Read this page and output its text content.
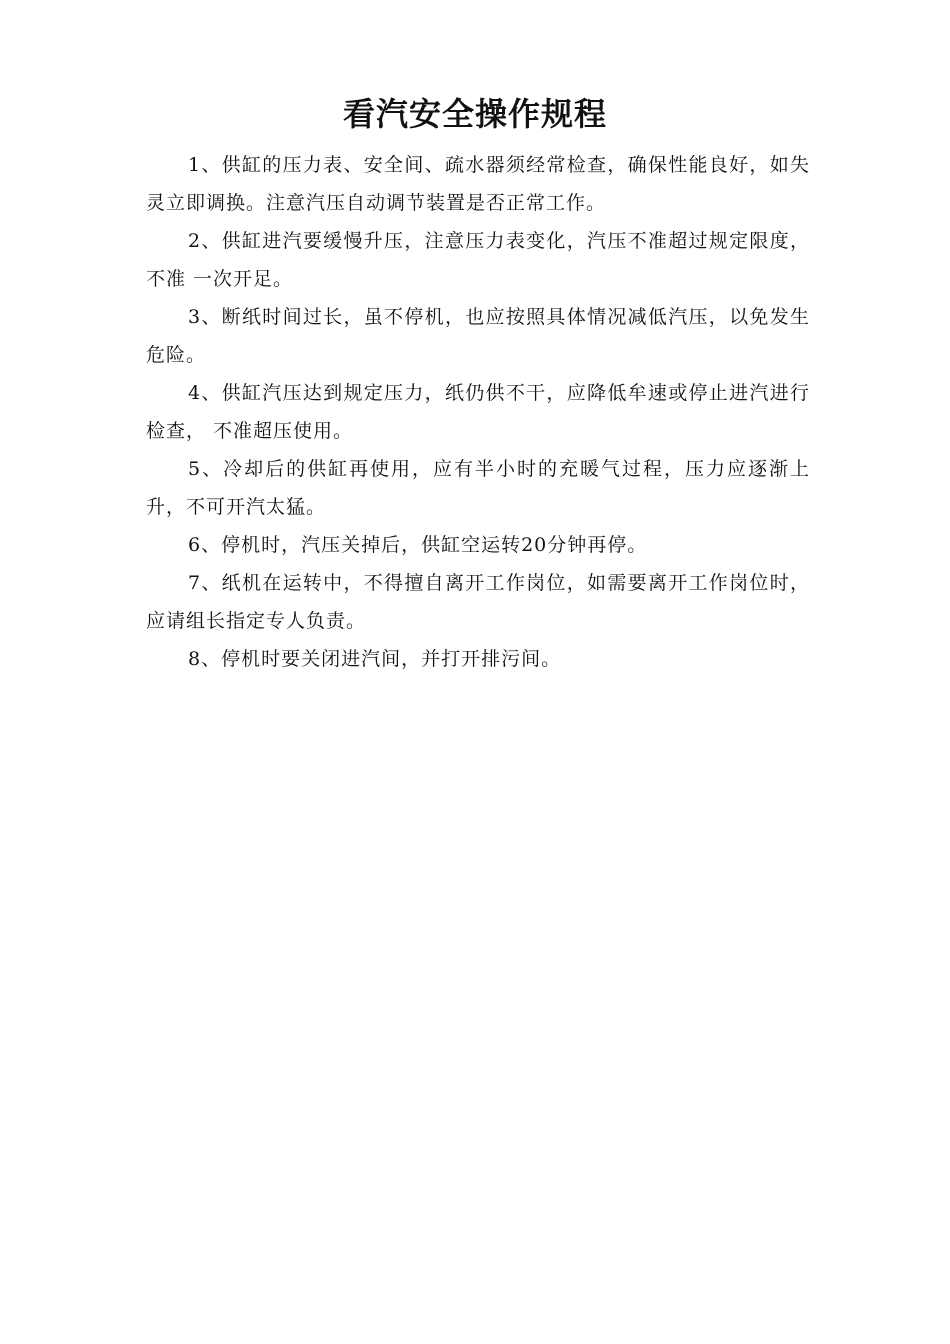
看汽安全操作规程

1、供缸的压力表、安全间、疏水器须经常检查，确保性能良好，如失灵立即调换。注意汽压自动调节装置是否正常工作。

2、供缸进汽要缓慢升压，注意压力表变化，汽压不准超过规定限度，不准 一次开足。

3、断纸时间过长，虽不停机，也应按照具体情况减低汽压，以免发生危险。

4、供缸汽压达到规定压力，纸仍供不干，应降低牟速或停止进汽进行检查， 不准超压使用。

5、冷却后的供缸再使用，应有半小时的充暖气过程，压力应逐渐上升，不可开汽太猛。

6、停机时，汽压关掉后，供缸空运转20分钟再停。

7、纸机在运转中，不得擅自离开工作岗位，如需要离开工作岗位时，应请组长指定专人负责。

8、停机时要关闭进汽间，并打开排污间。
